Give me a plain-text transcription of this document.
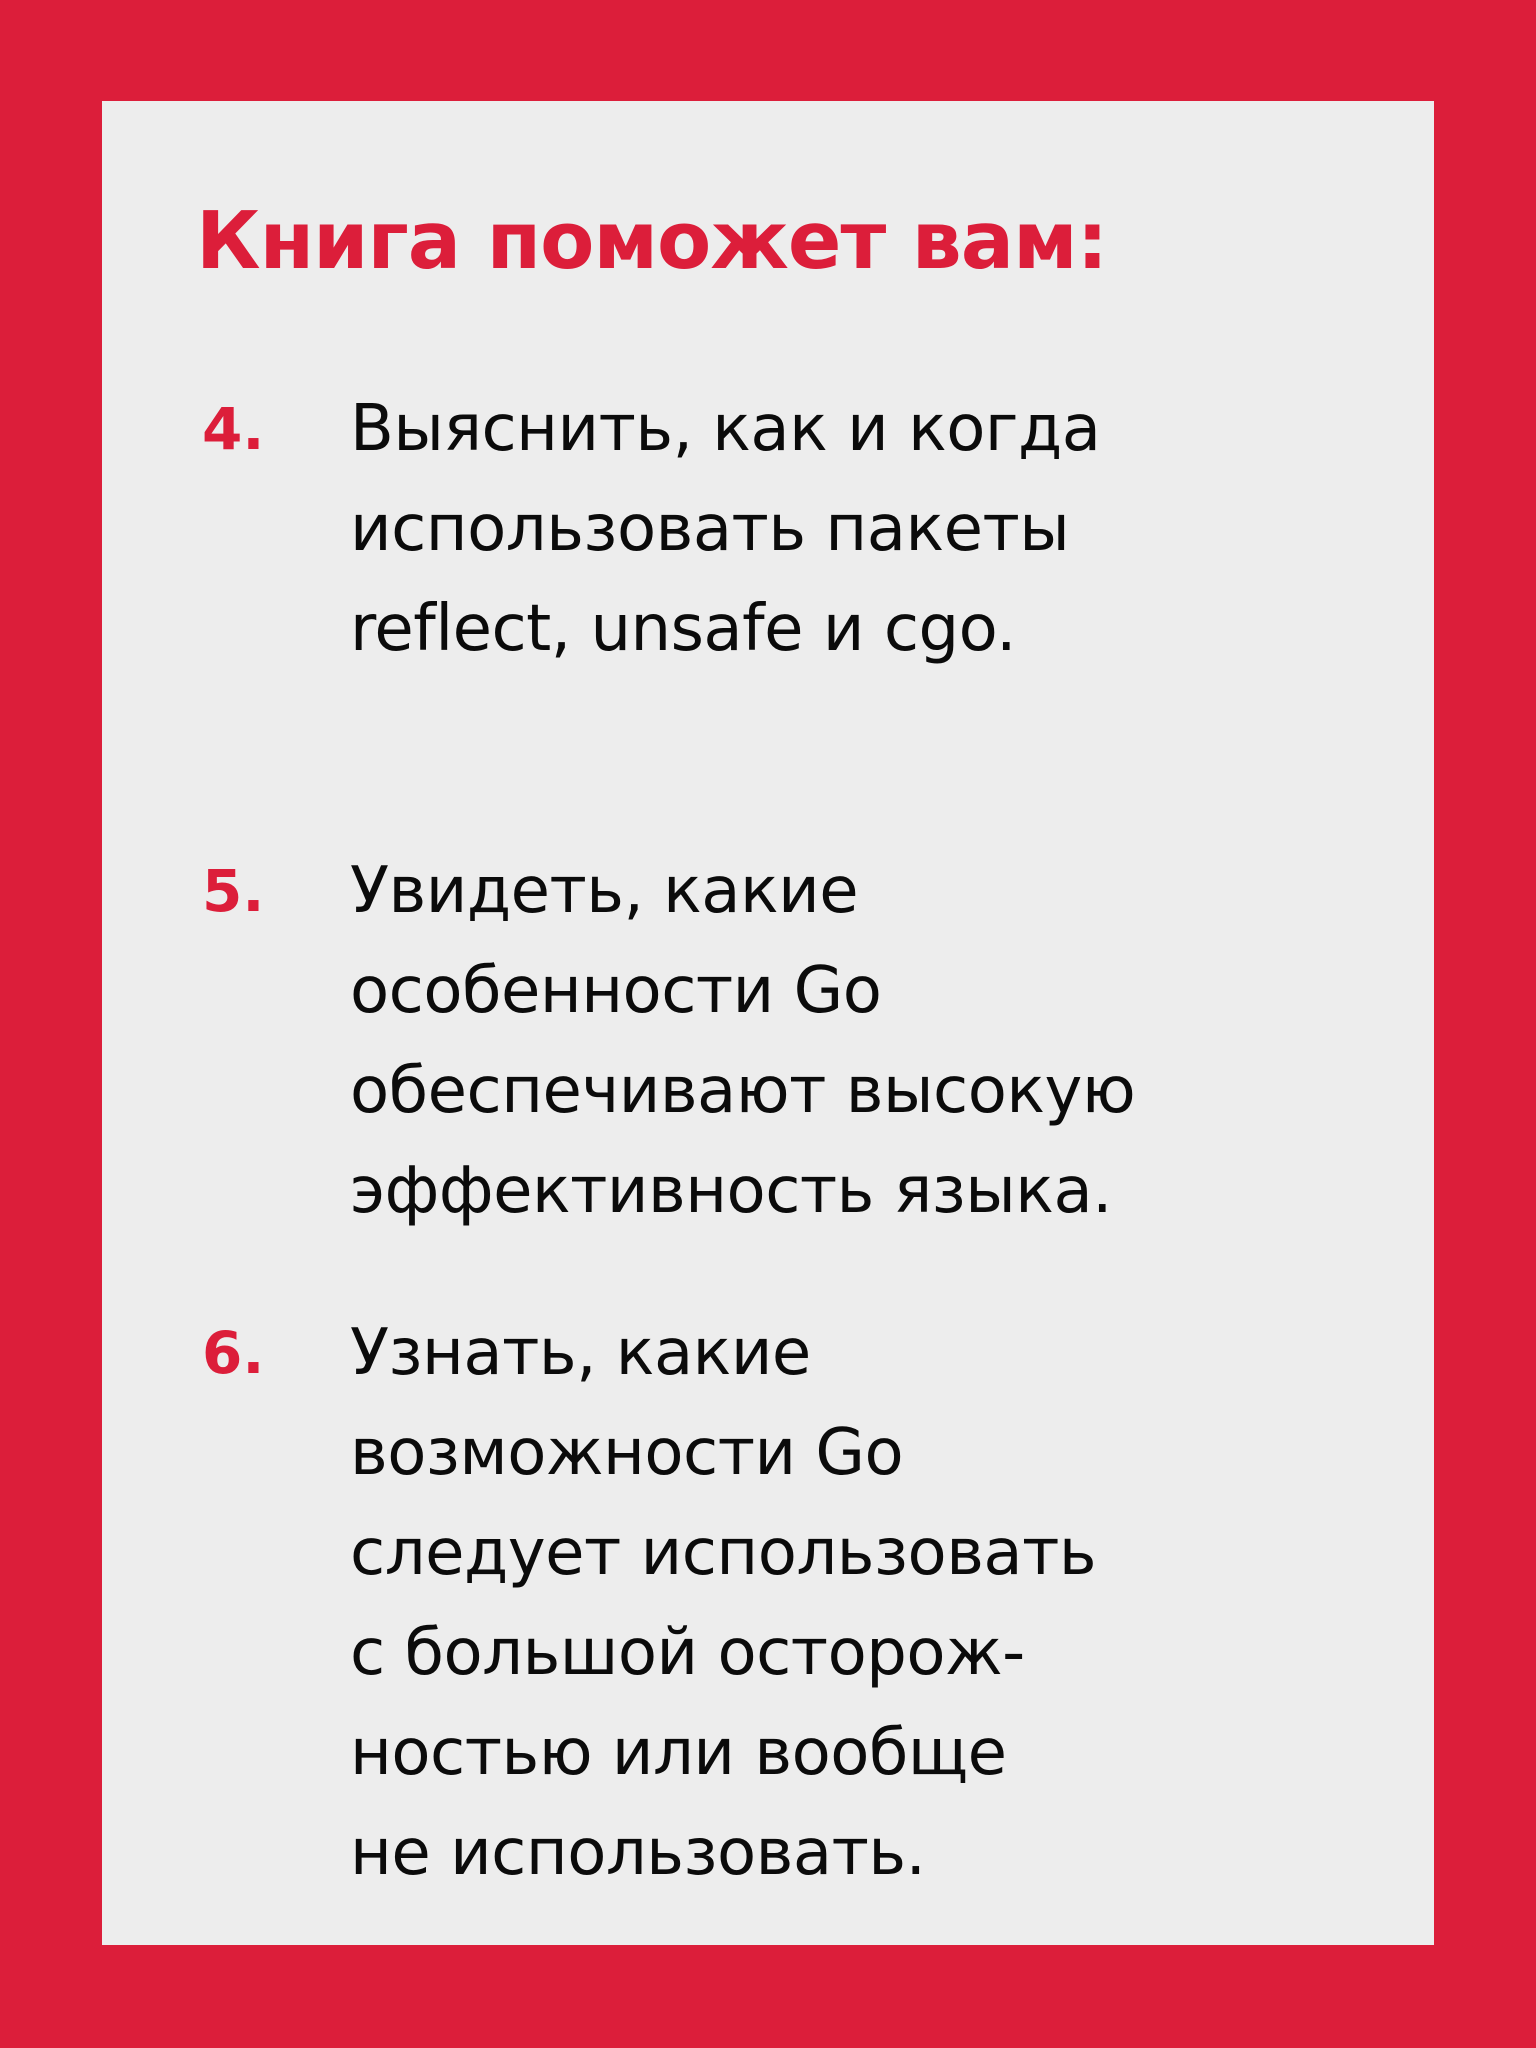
Книга поможет вам:
4. Выяснить, как и когда
использовать пакеты
reflect, unsafe и cgo.
5. Увидеть, какие
особенности Go
обеспечивают высокую
эффективность языка.
6. Узнать, какие
возможности Go
следует использовать
с большой осторож-
ностью или вообще
не использовать.
